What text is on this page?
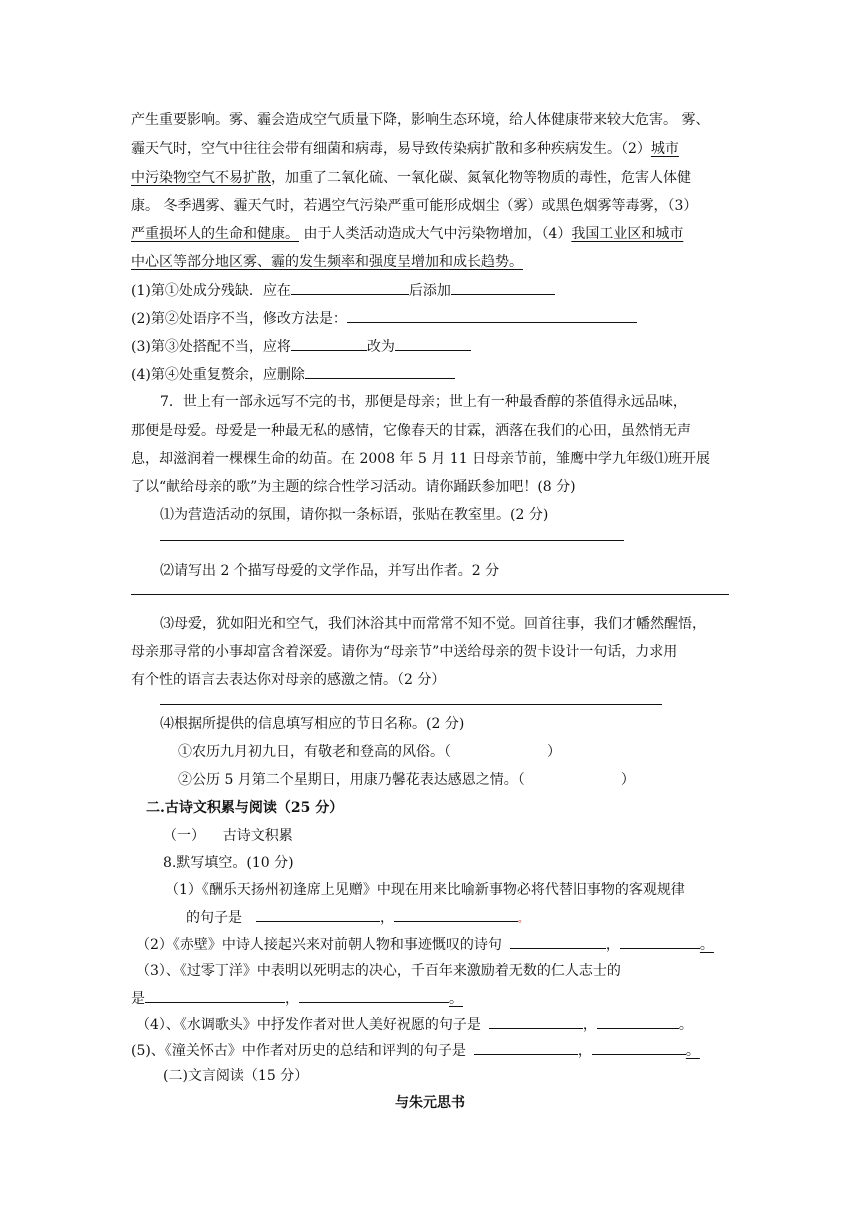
产生重要影响。雾、霾会造成空气质量下降，影响生态环境，给人体健康带来较大危害。 雾、
霾天气时，空气中往往会带有细菌和病毒，易导致传染病扩散和多种疾病发生。（2）城市
中污染物空气不易扩散，加重了二氧化硫、一氧化碳、氮氧化物等物质的毒性，危害人体健
康。 冬季遇雾、霾天气时，若遇空气污染严重可能形成烟尘（雾）或黑色烟雾等毒雾，（3）
严重损坏人的生命和健康。 由于人类活动造成大气中污染物增加，（4）我国工业区和城市
中心区等部分地区雾、霾的发生频率和强度呈增加和成长趋势。
(1)第①处成分残缺．应在	后添加
(2)第②处语序不当，修改方法是：
(3)第③处搭配不当，应将	改为
(4)第④处重复赘余，应删除
7．世上有一部永远写不完的书，那便是母亲；世上有一种最香醇的茶值得永远品味，
那便是母爱。母爱是一种最无私的感情，它像春天的甘霖，洒落在我们的心田，虽然悄无声
息，却滋润着一棵棵生命的幼苗。在 2008 年 5 月 11 日母亲节前，雏鹰中学九年级⑴班开展
了以“献给母亲的歌”为主题的综合性学习活动。请你踊跃参加吧！(8 分)
⑴为营造活动的氛围，请你拟一条标语，张贴在教室里。(2 分)
⑵请写出 2 个描写母爱的文学作品，并写出作者。2 分
⑶母爱，犹如阳光和空气，我们沐浴其中而常常不知不觉。回首往事，我们才幡然醒悟，
母亲那寻常的小事却富含着深爱。请你为“母亲节”中送给母亲的贺卡设计一句话，力求用
有个性的语言去表达你对母亲的感激之情。（2 分）
⑷根据所提供的信息填写相应的节日名称。(2 分)
①农历九月初九日，有敬老和登高的风俗。（	）
②公历 5 月第二个星期日，用康乃馨花表达感恩之情。（	）
二.古诗文积累与阅读（25 分）
（一）    古诗文积累
8.默写填空。(10 分)
（1）《酬乐天扬州初逢席上见赠》中现在用来比喻新事物必将代替旧事物的客观规律
的句子是	，	。
（2）《赤壁》中诗人接起兴来对前朝人物和事迹慨叹的诗句	，	。
（3）、《过零丁洋》中表明以死明志的决心，千百年来激励着无数的仁人志士的
是	，	。
（4）、《水调歌头》中抒发作者对世人美好祝愿的句子是	，	。
(5)、《潼关怀古》中作者对历史的总结和评判的句子是	，	。
(二)文言阅读（15 分）
与朱元思书
